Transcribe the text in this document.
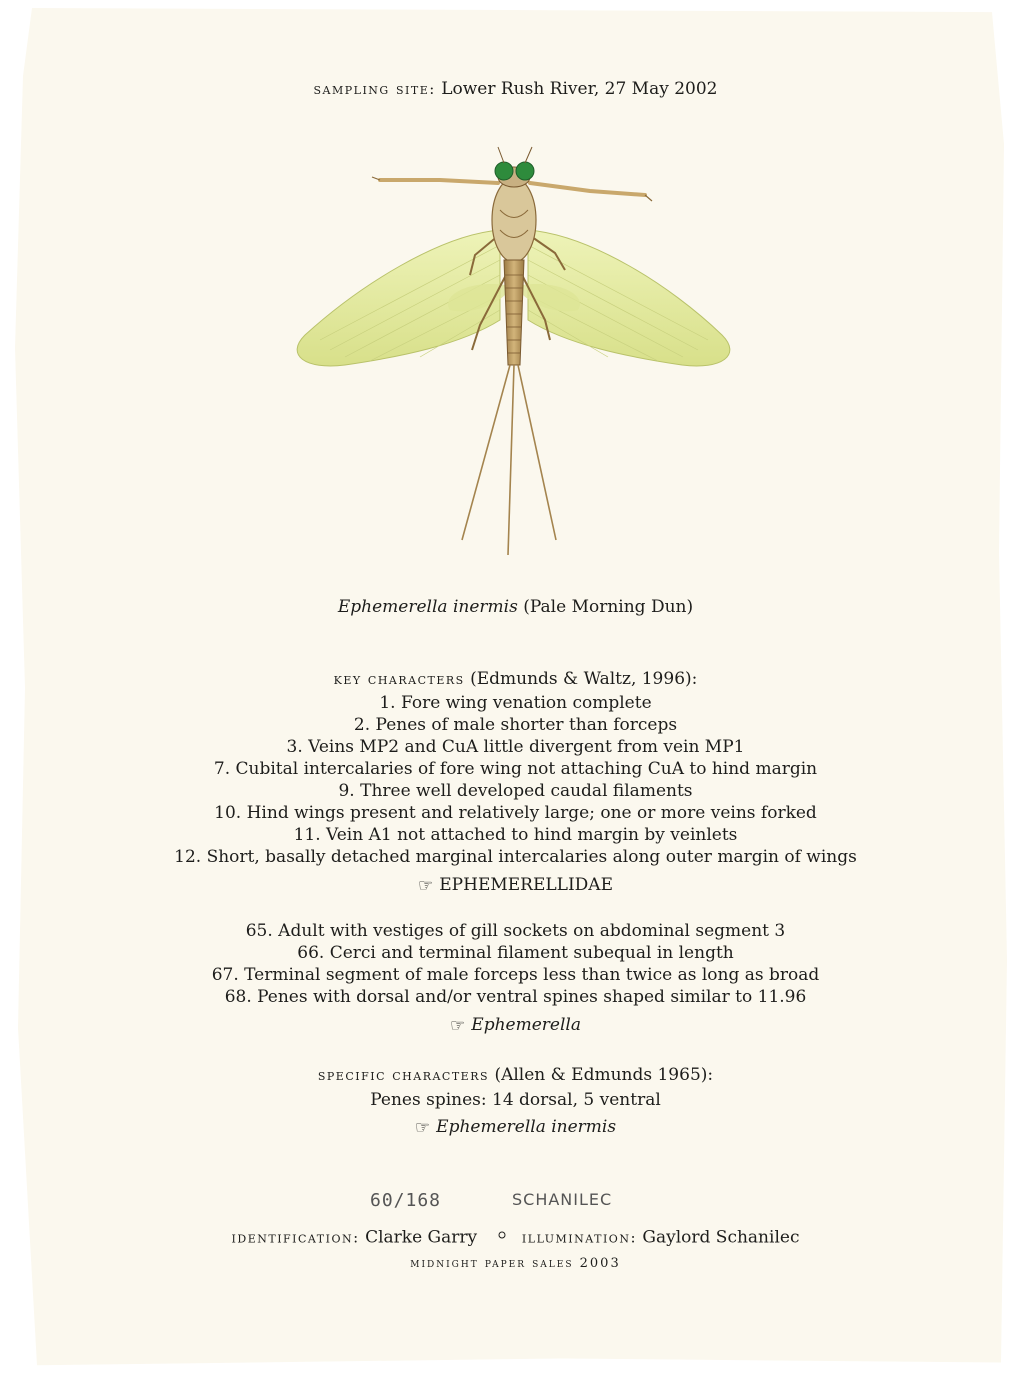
sampling site: Lower Rush River, 27 May 2002
Ephemerella inermis (Pale Morning Dun)
key characters (Edmunds & Waltz, 1996):
1. Fore wing venation complete
2. Penes of male shorter than forceps
3. Veins MP2 and CuA little divergent from vein MP1
7. Cubital intercalaries of fore wing not attaching CuA to hind margin
9. Three well developed caudal filaments
10. Hind wings present and relatively large; one or more veins forked
11. Vein A1 not attached to hind margin by veinlets
12. Short, basally detached marginal intercalaries along outer margin of wings
☞ EPHEMERELLIDAE
65. Adult with vestiges of gill sockets on abdominal segment 3
66. Cerci and terminal filament subequal in length
67. Terminal segment of male forceps less than twice as long as broad
68. Penes with dorsal and/or ventral spines shaped similar to 11.96
☞ Ephemerella
specific characters (Allen & Edmunds 1965):
Penes spines: 14 dorsal, 5 ventral
☞ Ephemerella inermis
60/168	SCHANILEC
identification: Clarke Garry	illumination: Gaylord Schanilec
midnight paper sales 2003
